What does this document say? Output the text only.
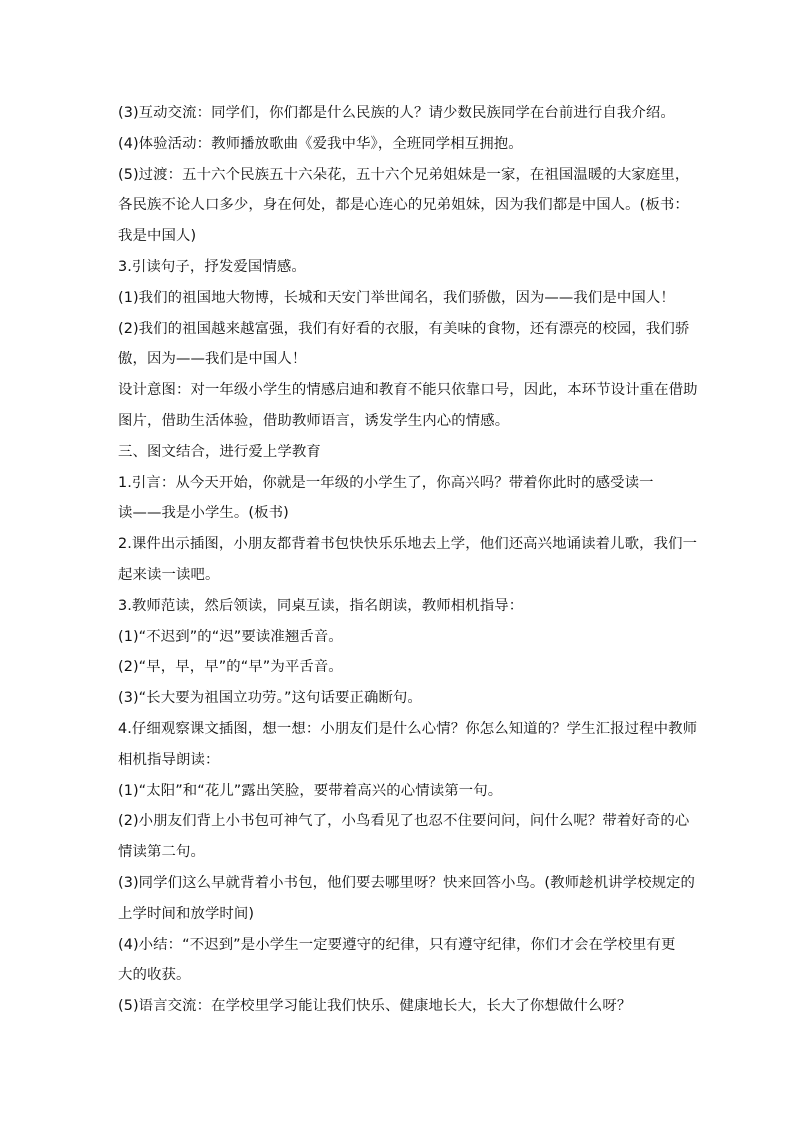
(3)互动交流：同学们，你们都是什么民族的人？请少数民族同学在台前进行自我介绍。
(4)体验活动：教师播放歌曲《爱我中华》，全班同学相互拥抱。
(5)过渡：五十六个民族五十六朵花，五十六个兄弟姐妹是一家，在祖国温暖的大家庭里，
各民族不论人口多少，身在何处，都是心连心的兄弟姐妹，因为我们都是中国人。(板书：
我是中国人)
3.引读句子，抒发爱国情感。
(1)我们的祖国地大物博，长城和天安门举世闻名，我们骄傲，因为——我们是中国人！
(2)我们的祖国越来越富强，我们有好看的衣服，有美味的食物，还有漂亮的校园，我们骄
傲，因为——我们是中国人！
设计意图：对一年级小学生的情感启迪和教育不能只依靠口号，因此，本环节设计重在借助
图片，借助生活体验，借助教师语言，诱发学生内心的情感。
三、图文结合，进行爱上学教育
1.引言：从今天开始，你就是一年级的小学生了，你高兴吗？带着你此时的感受读一
读——我是小学生。(板书)
2.课件出示插图，小朋友都背着书包快快乐乐地去上学，他们还高兴地诵读着儿歌，我们一
起来读一读吧。
3.教师范读，然后领读，同桌互读，指名朗读，教师相机指导：
(1)“不迟到”的“迟”要读准翘舌音。
(2)“早，早，早”的“早”为平舌音。
(3)“长大要为祖国立功劳。”这句话要正确断句。
4.仔细观察课文插图，想一想：小朋友们是什么心情？你怎么知道的？学生汇报过程中教师
相机指导朗读：
(1)“太阳”和“花儿”露出笑脸，要带着高兴的心情读第一句。
(2)小朋友们背上小书包可神气了，小鸟看见了也忍不住要问问，问什么呢？带着好奇的心
情读第二句。
(3)同学们这么早就背着小书包，他们要去哪里呀？快来回答小鸟。(教师趁机讲学校规定的
上学时间和放学时间)
(4)小结：“不迟到”是小学生一定要遵守的纪律，只有遵守纪律，你们才会在学校里有更
大的收获。
(5)语言交流：在学校里学习能让我们快乐、健康地长大，长大了你想做什么呀？
